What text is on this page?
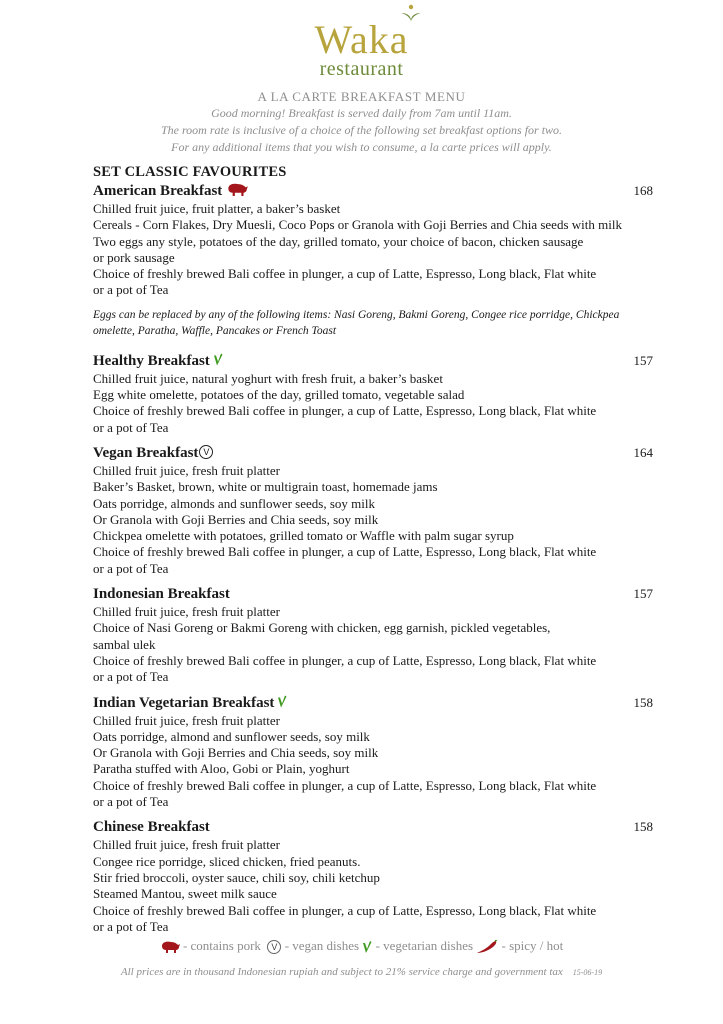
Waka
restaurant
A LA CARTE BREAKFAST MENU
Good morning! Breakfast is served daily from 7am until 11am.
The room rate is inclusive of a choice of the following set breakfast options for two.
For any additional items that you wish to consume, a la carte prices will apply.
SET CLASSIC FAVOURITES
American Breakfast	168
Chilled fruit juice, fruit platter, a baker’s basket
Cereals - Corn Flakes, Dry Muesli, Coco Pops or Granola with Goji Berries and Chia seeds with milk
Two eggs any style, potatoes of the day, grilled tomato, your choice of bacon, chicken sausage
or pork sausage
Choice of freshly brewed Bali coffee in plunger, a cup of Latte, Espresso, Long black, Flat white
or a pot of Tea
Eggs can be replaced by any of the following items: Nasi Goreng, Bakmi Goreng, Congee rice porridge, Chickpea omelette, Paratha, Waffle, Pancakes or French Toast
Healthy Breakfast	157
Chilled fruit juice, natural yoghurt with fresh fruit, a baker’s basket
Egg white omelette, potatoes of the day, grilled tomato, vegetable salad
Choice of freshly brewed Bali coffee in plunger, a cup of Latte, Espresso, Long black, Flat white
or a pot of Tea
Vegan Breakfast V	164
Chilled fruit juice, fresh fruit platter
Baker’s Basket, brown, white or multigrain toast, homemade jams
Oats porridge, almonds and sunflower seeds, soy milk
Or Granola with Goji Berries and Chia seeds, soy milk
Chickpea omelette with potatoes, grilled tomato or Waffle with palm sugar syrup
Choice of freshly brewed Bali coffee in plunger, a cup of Latte, Espresso, Long black, Flat white
or a pot of Tea
Indonesian Breakfast	157
Chilled fruit juice, fresh fruit platter
Choice of Nasi Goreng or Bakmi Goreng with chicken, egg garnish, pickled vegetables,
sambal ulek
Choice of freshly brewed Bali coffee in plunger, a cup of Latte, Espresso, Long black, Flat white
or a pot of Tea
Indian Vegetarian Breakfast	158
Chilled fruit juice, fresh fruit platter
Oats porridge, almond and sunflower seeds, soy milk
Or Granola with Goji Berries and Chia seeds, soy milk
Paratha stuffed with Aloo, Gobi or Plain, yoghurt
Choice of freshly brewed Bali coffee in plunger, a cup of Latte, Espresso, Long black, Flat white
or a pot of Tea
Chinese Breakfast	158
Chilled fruit juice, fresh fruit platter
Congee rice porridge, sliced chicken, fried peanuts.
Stir fried broccoli, oyster sauce, chili soy, chili ketchup
Steamed Mantou, sweet milk sauce
Choice of freshly brewed Bali coffee in plunger, a cup of Latte, Espresso, Long black, Flat white
or a pot of Tea
- contains pork V - vegan dishes - vegetarian dishes - spicy / hot
All prices are in thousand Indonesian rupiah and subject to 21% service charge and government tax 15-06-19
